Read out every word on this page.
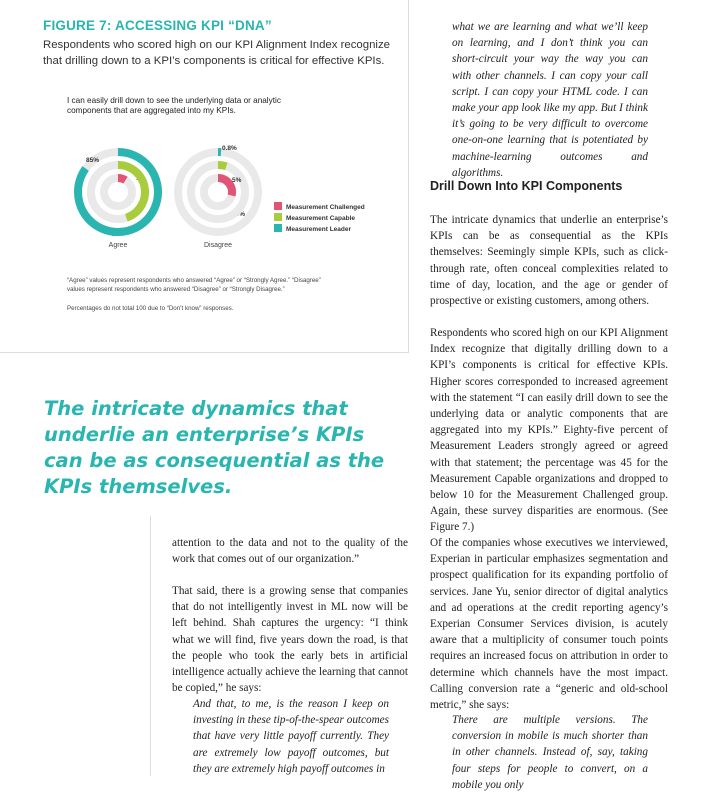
FIGURE 7: ACCESSING KPI “DNA”

Respondents who scored high on our KPI Alignment Index recognize that drilling down to a KPI’s components is critical for effective KPIs.

I can easily drill down to see the underlying data or analytic components that are aggregated into my KPIs.

9%
45%
85%
Agree
29%
5%
0.8%
Disagree
Measurement Challenged
Measurement Capable
Measurement Leader

“Agree” values represent respondents who answered “Agree” or “Strongly Agree.” “Disagree” values represent respondents who answered “Disagree” or “Strongly Disagree.”

Percentages do not total 100 due to “Don’t know” responses.

The intricate dynamics that underlie an enterprise’s KPIs can be as consequential as the KPIs themselves.

attention to the data and not to the quality of the work that comes out of our organization.”

That said, there is a growing sense that companies that do not intelligently invest in ML now will be left behind. Shah captures the urgency: “I think what we will find, five years down the road, is that the people who took the early bets in artificial intelligence actually achieve the learning that cannot be copied,” he says:

And that, to me, is the reason I keep on investing in these tip-of-the-spear outcomes that have very little payoff currently. They are extremely low payoff outcomes, but they are extremely high payoff outcomes in

what we are learning and what we’ll keep on learning, and I don’t think you can short-circuit your way the way you can with other channels. I can copy your call script. I can copy your HTML code. I can make your app look like my app. But I think it’s going to be very difficult to overcome one-on-one learning that is potentiated by machine-learning outcomes and algorithms.

Drill Down Into KPI Components

The intricate dynamics that underlie an enterprise’s KPIs can be as consequential as the KPIs themselves: Seemingly simple KPIs, such as click-through rate, often conceal complexities related to time of day, location, and the age or gender of prospective or existing customers, among others.

Respondents who scored high on our KPI Alignment Index recognize that digitally drilling down to a KPI’s components is critical for effective KPIs. Higher scores corresponded to increased agreement with the statement “I can easily drill down to see the underlying data or analytic components that are aggregated into my KPIs.” Eighty-five percent of Measurement Leaders strongly agreed or agreed with that statement; the percentage was 45 for the Measurement Capable organizations and dropped to below 10 for the Measurement Challenged group. Again, these survey disparities are enormous. (See Figure 7.)

Of the companies whose executives we interviewed, Experian in particular emphasizes segmentation and prospect qualification for its expanding portfolio of services. Jane Yu, senior director of digital analytics and ad operations at the credit reporting agency’s Experian Consumer Services division, is acutely aware that a multiplicity of consumer touch points requires an increased focus on attribution in order to determine which channels have the most impact. Calling conversion rate a “generic and old-school metric,” she says:

There are multiple versions. The conversion in mobile is much shorter than in other channels. Instead of, say, taking four steps for people to convert, on a mobile you only
